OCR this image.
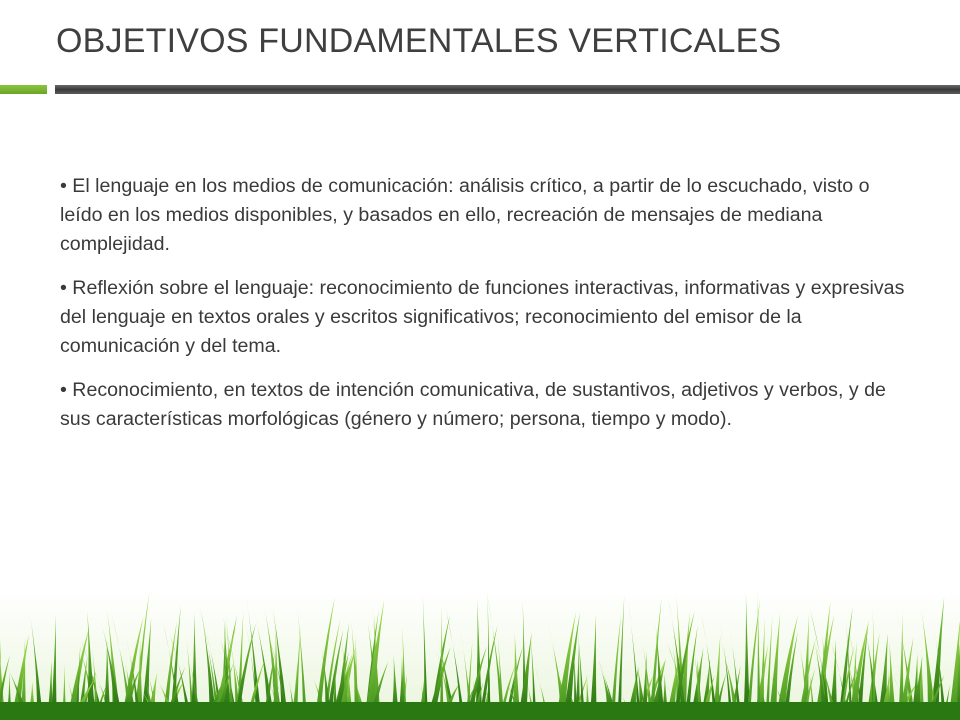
OBJETIVOS FUNDAMENTALES VERTICALES

• El lenguaje en los medios de comunicación: análisis crítico, a partir de lo escuchado, visto o leído en los medios disponibles, y basados en ello, recreación de mensajes de mediana complejidad.

• Reflexión sobre el lenguaje: reconocimiento de funciones interactivas, informativas y expresivas del lenguaje en textos orales y escritos significativos; reconocimiento del emisor de la comunicación y del tema.

• Reconocimiento, en textos de intención comunicativa, de sustantivos, adjetivos y verbos, y de sus características morfológicas (género y número; persona, tiempo y modo).
